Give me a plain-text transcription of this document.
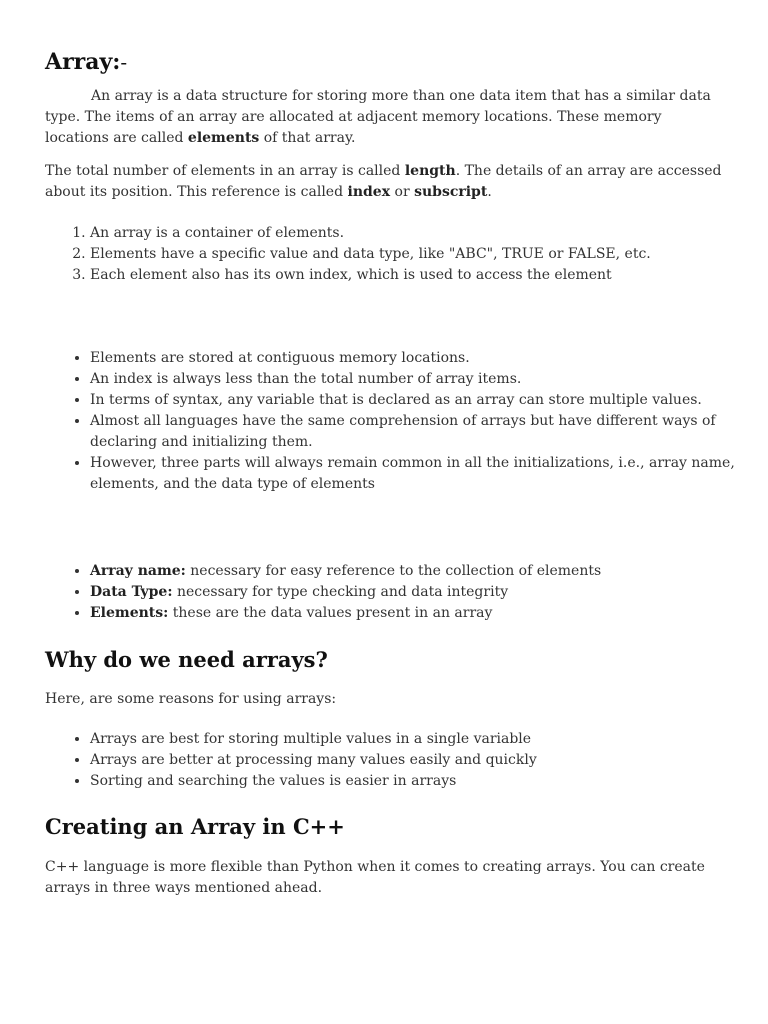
Array:-

An array is a data structure for storing more than one data item that has a similar data type. The items of an array are allocated at adjacent memory locations. These memory locations are called elements of that array.

The total number of elements in an array is called length. The details of an array are accessed about its position. This reference is called index or subscript.

1. An array is a container of elements.
2. Elements have a specific value and data type, like "ABC", TRUE or FALSE, etc.
3. Each element also has its own index, which is used to access the element
• Elements are stored at contiguous memory locations.
• An index is always less than the total number of array items.
• In terms of syntax, any variable that is declared as an array can store multiple values.
• Almost all languages have the same comprehension of arrays but have different ways of declaring and initializing them.
• However, three parts will always remain common in all the initializations, i.e., array name, elements, and the data type of elements
• Array name: necessary for easy reference to the collection of elements
• Data Type: necessary for type checking and data integrity
• Elements: these are the data values present in an array
Why do we need arrays?

Here, are some reasons for using arrays:

• Arrays are best for storing multiple values in a single variable
• Arrays are better at processing many values easily and quickly
• Sorting and searching the values is easier in arrays
Creating an Array in C++

C++ language is more flexible than Python when it comes to creating arrays. You can create arrays in three ways mentioned ahead.
